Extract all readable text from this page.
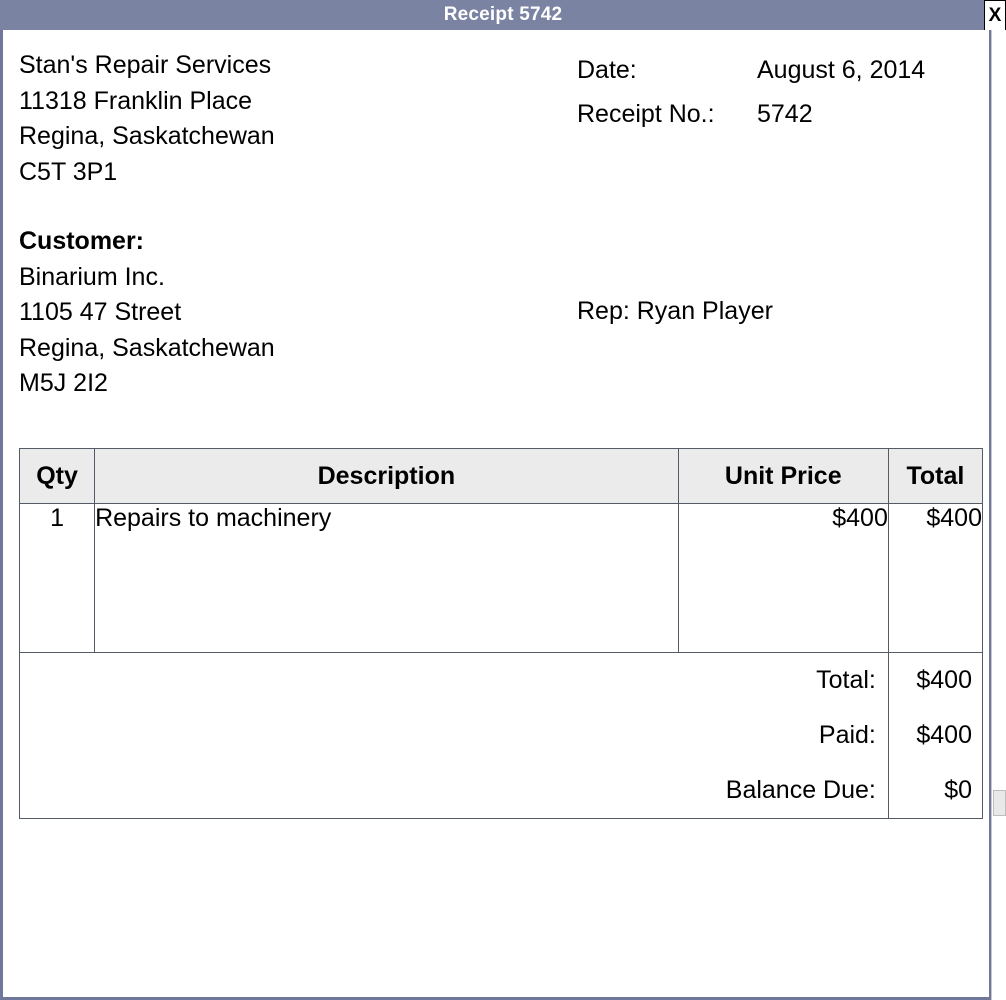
Receipt 5742	X
Stan's Repair Services
11318 Franklin Place
Regina, Saskatchewan
C5T 3P1
Customer:
Binarium Inc.
1105 47 Street
Regina, Saskatchewan
M5J 2I2
Date:	August 6, 2014
Receipt No.:	5742
Rep: Ryan Player
Qty	Description	Unit Price	Total
1	Repairs to machinery	$400	$400
Total:	$400
Paid:	$400
Balance Due:	$0
